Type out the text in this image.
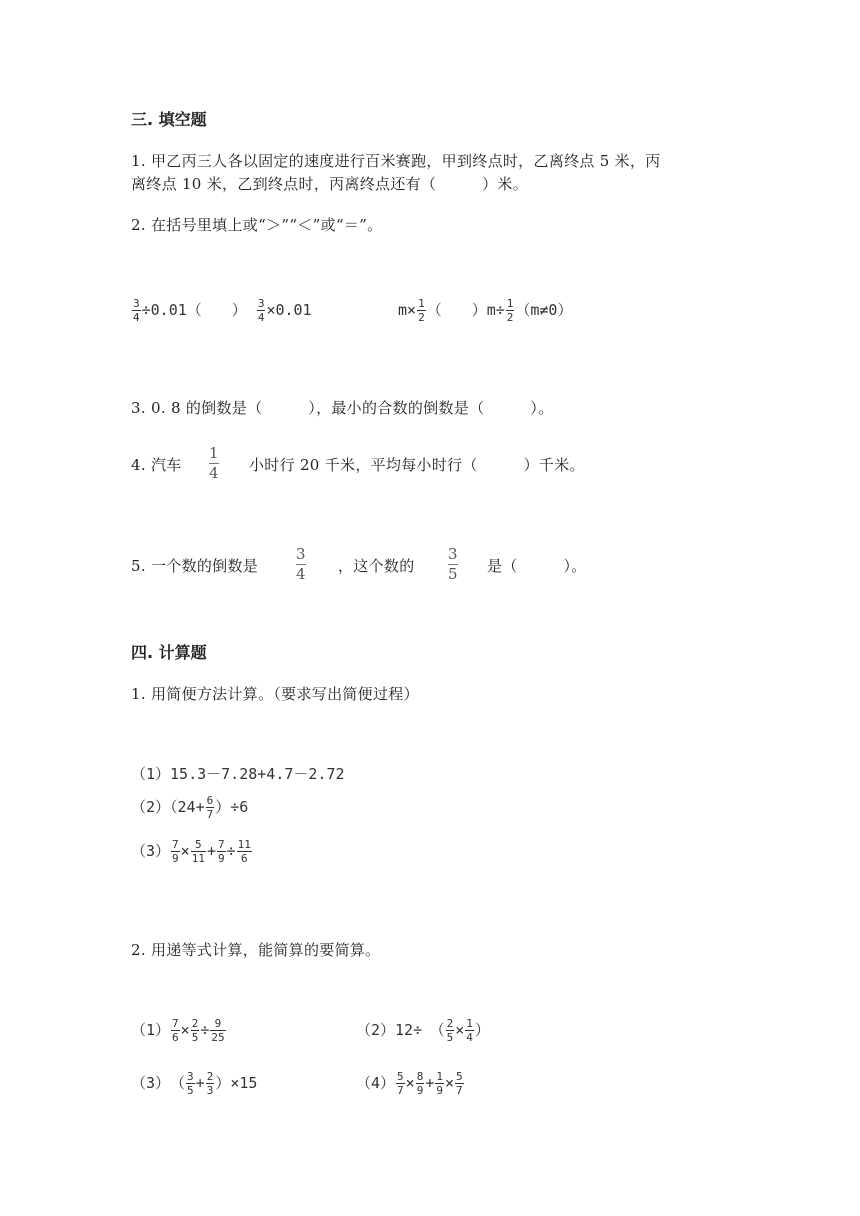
三. 填空题
1. 甲乙丙三人各以固定的速度进行百米赛跑，甲到终点时，乙离终点 5 米，丙
离终点 10 米，乙到终点时，丙离终点还有（　　　）米。
2. 在括号里填上或“＞”“＜”或“＝”。
$\frac{3}{4} \div 0.01$（　　） $\frac{3}{4} \times 0.01$	$m\times \frac{1}{2}$ （　　）$m\div \frac{1}{2} (m\ne 0)$
3. 0. 8 的倒数是（　　　），最小的合数的倒数是（　　　）。
4. 汽车
1
4 小时行 20 千米，平均每小时行（　　　）千米。
5. 一个数的倒数是
3
4 ，这个数的
3
5 是（　　　）。
四. 计算题
1. 用简便方法计算。（要求写出简便过程）
（1）15.3－7.28+4.7－2.72
$(2)(24+ \frac{6}{7} )\div 6$
$(3) \frac{7}{9} \times \frac{5}{11} + \frac{7}{9} \div \frac{11}{6}$
2. 用递等式计算，能简算的要简算。
$(1) \frac{7}{6} \times \frac{2}{5} \div \frac{9}{25}$	（2）12÷　（ $\frac{2}{5} \times \frac{1}{4}$ ）
（3）　（ $\frac{3}{5} + \frac{2}{3} )\times 15$	$(4) \frac{5}{7} \times \frac{8}{9} + \frac{1}{9} \times \frac{5}{7}$
